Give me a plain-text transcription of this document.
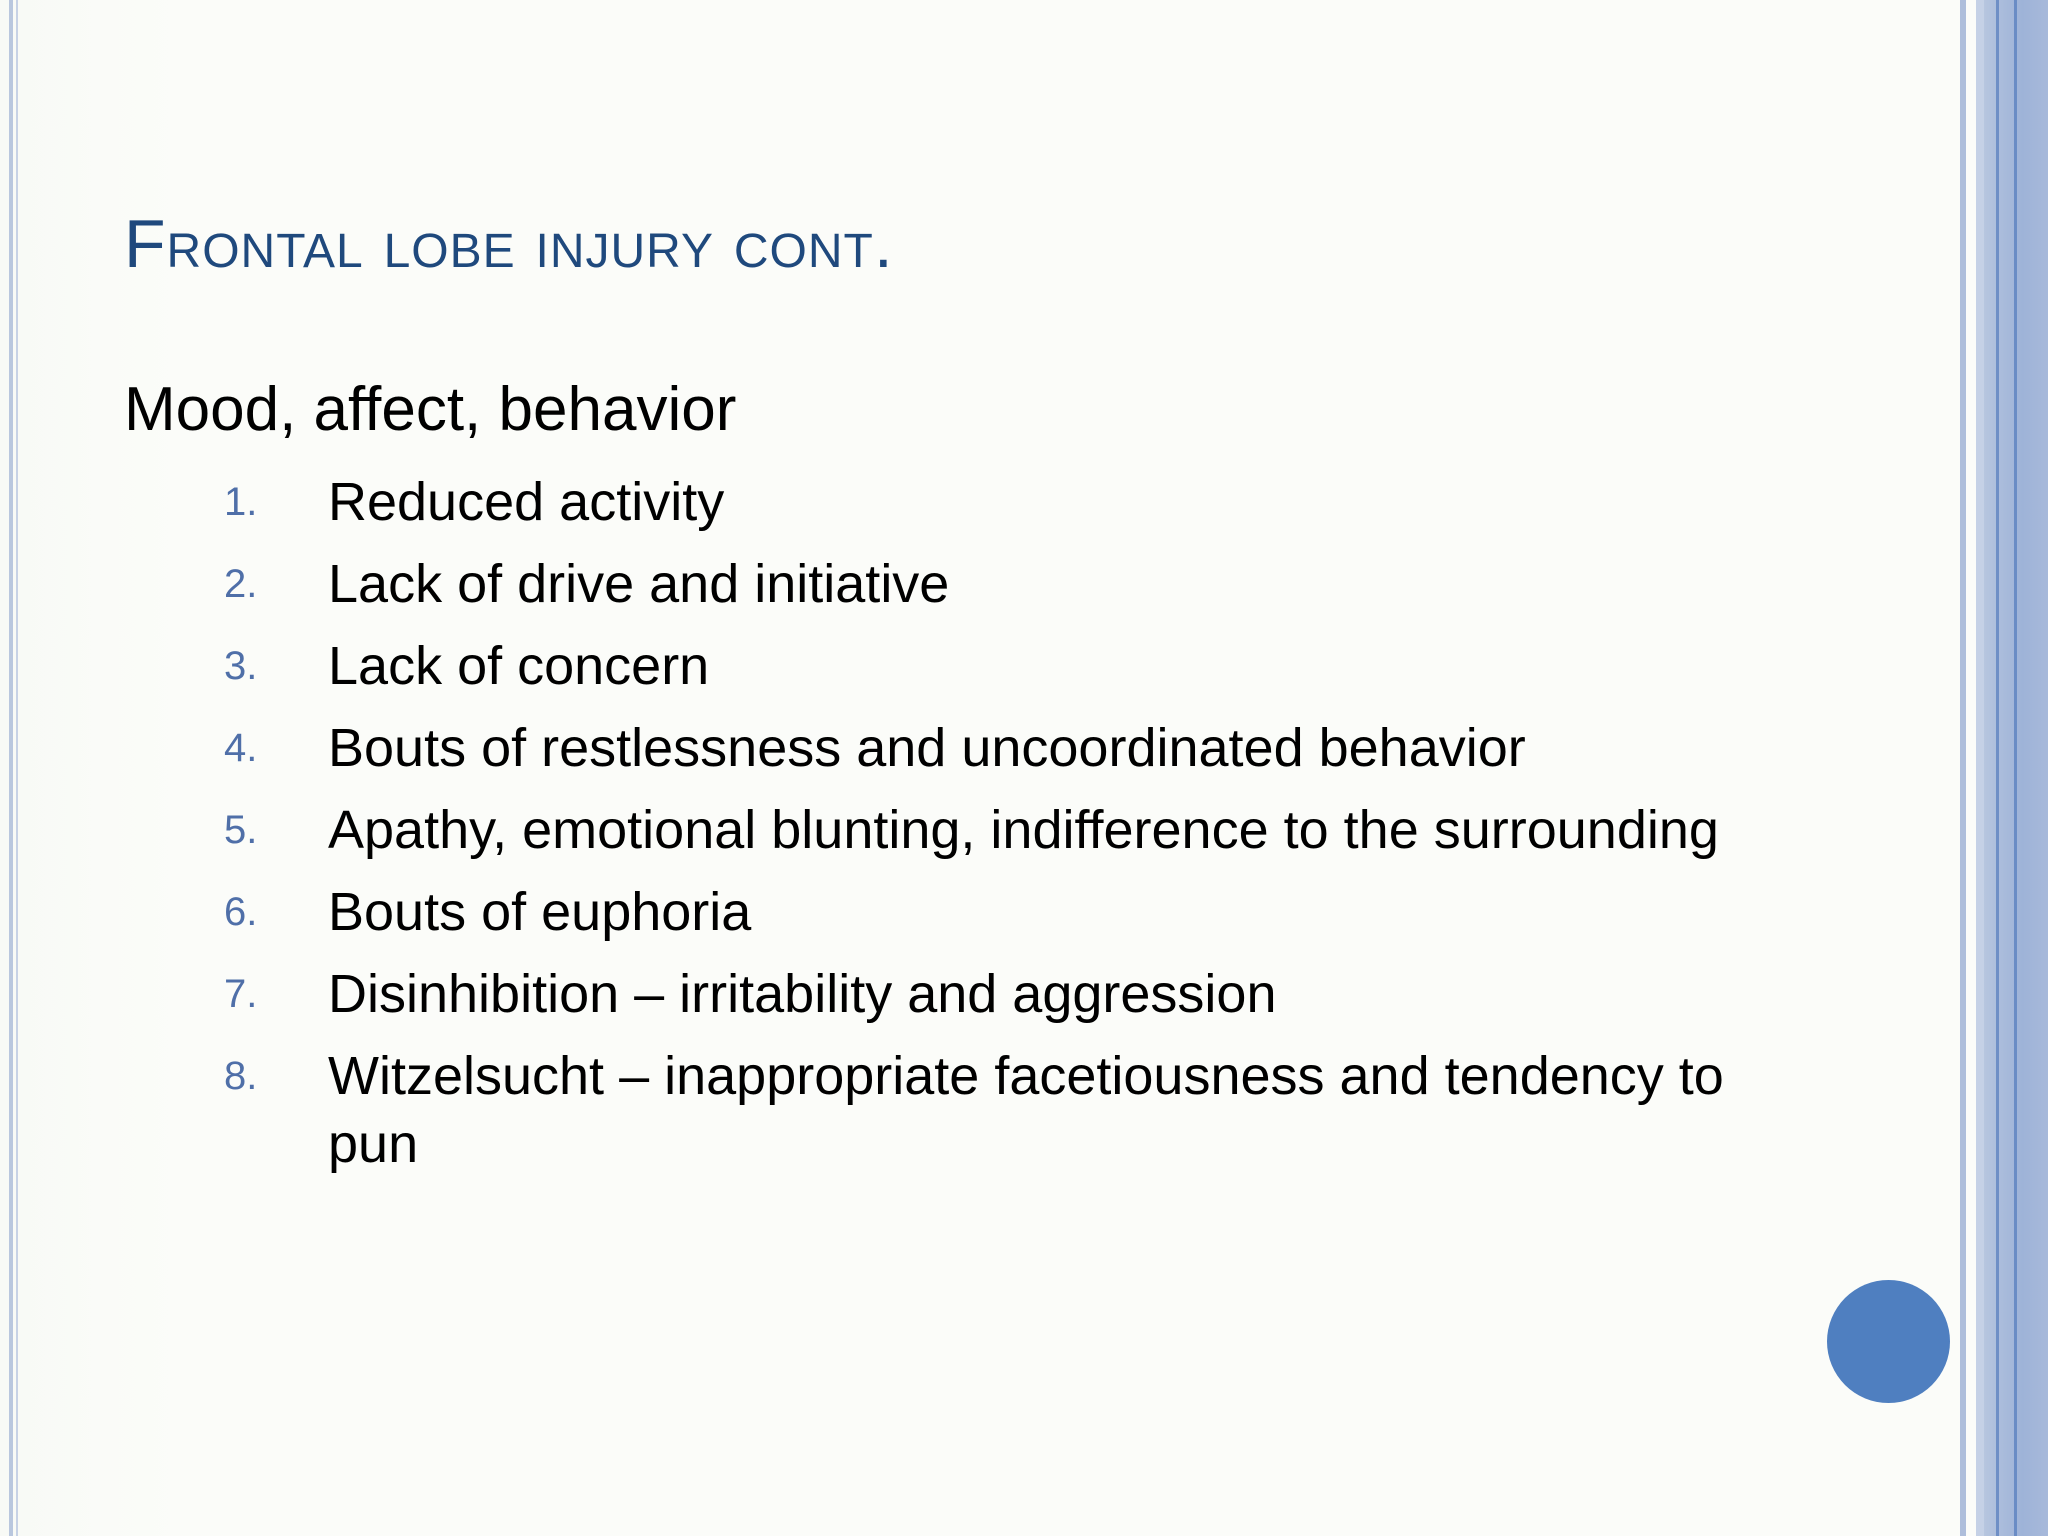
Frontal lobe injury cont.
Mood, affect, behavior
1. Reduced activity
2. Lack of drive and initiative
3. Lack of concern
4. Bouts of restlessness and uncoordinated behavior
5. Apathy, emotional blunting, indifference to the surrounding
6. Bouts of euphoria
7. Disinhibition – irritability and aggression
8. Witzelsucht – inappropriate facetiousness and tendency to pun
